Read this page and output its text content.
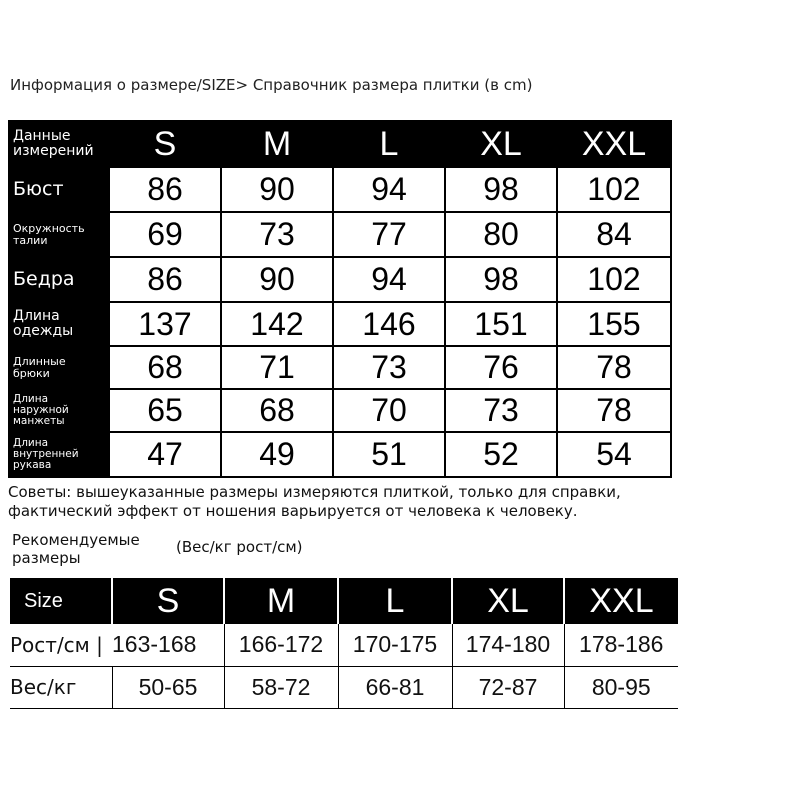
Информация о размере/SIZE> Справочник размера плитки (в cm)
Данные
измерений	S	M	L	XL	XXL

Бюст	86	90	94	98	102

Окружность
талии	69	73	77	80	84

Бедра	86	90	94	98	102

Длина
одежды	137	142	146	151	155

Длинные
брюки	68	71	73	76	78

Длина
наружной
манжеты	65	68	70	73	78

Длина
внутренней
рукава	47	49	51	52	54
Советы: вышеуказанные размеры измеряются плиткой, только для справки,
фактический эффект от ношения варьируется от человека к человеку.
Рекомендуемые
размеры
(Вес/кг рост/см)
Size	S	M	L	XL	XXL
Рост/см |	163-168	166-172	170-175	174-180	178-186
Вес/кг	50-65	58-72	66-81	72-87	80-95
